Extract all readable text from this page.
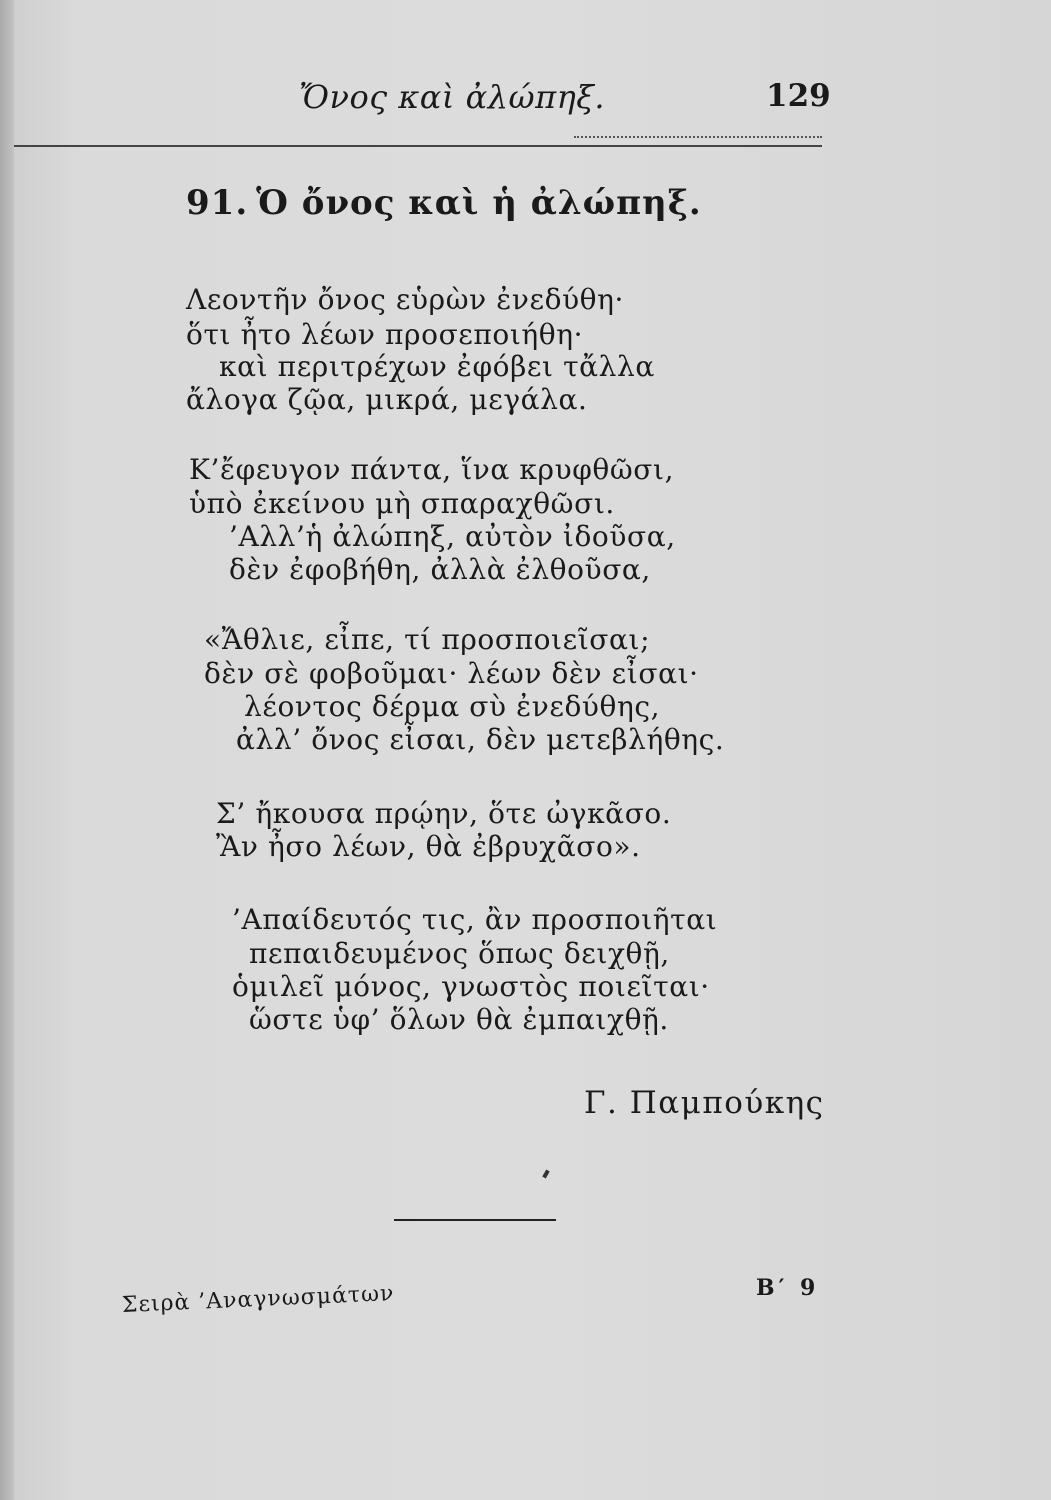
Ὄνος καὶ ἀλώπηξ.	129
91. Ὁ ὄνος καὶ ἡ ἀλώπηξ.
Λεοντῆν ὄνος εὑρὼν ἐνεδύθη·
ὅτι ἦτο λέων προσεποιήθη·
καὶ περιτρέχων ἐφόβει τἄλλα
ἄλογα ζῷα, μικρά, μεγάλα.
Κ’ἔφευγον πάντα, ἵνα κρυφθῶσι,
ὑπὸ ἐκείνου μὴ σπαραχθῶσι.
’Αλλ’ἡ ἀλώπηξ, αὐτὸν ἰδοῦσα,
δὲν ἐφοβήθη, ἀλλὰ ἐλθοῦσα,
«Ἄθλιε, εἶπε, τί προσποιεῖσαι;
δὲν σὲ φοβοῦμαι· λέων δὲν εἶσαι·
λέοντος δέρμα σὺ ἐνεδύθης,
ἀλλ’ ὄνος εἶσαι, δὲν μετεβλήθης.
Σ’ ἤκουσα πρῴην, ὅτε ὠγκᾶσο.
Ἂν ἦσο λέων, θὰ ἐβρυχᾶσο».
’Απαίδευτός τις, ἂν προσποιῆται
πεπαιδευμένος ὅπως δειχθῇ,
ὁμιλεῖ μόνος, γνωστὸς ποιεῖται·
ὥστε ὑφ’ ὅλων θὰ ἐμπαιχθῇ.
Γ. Παμπούκης
Σειρὰ ’Αναγνωσμάτων	Β′ 9
